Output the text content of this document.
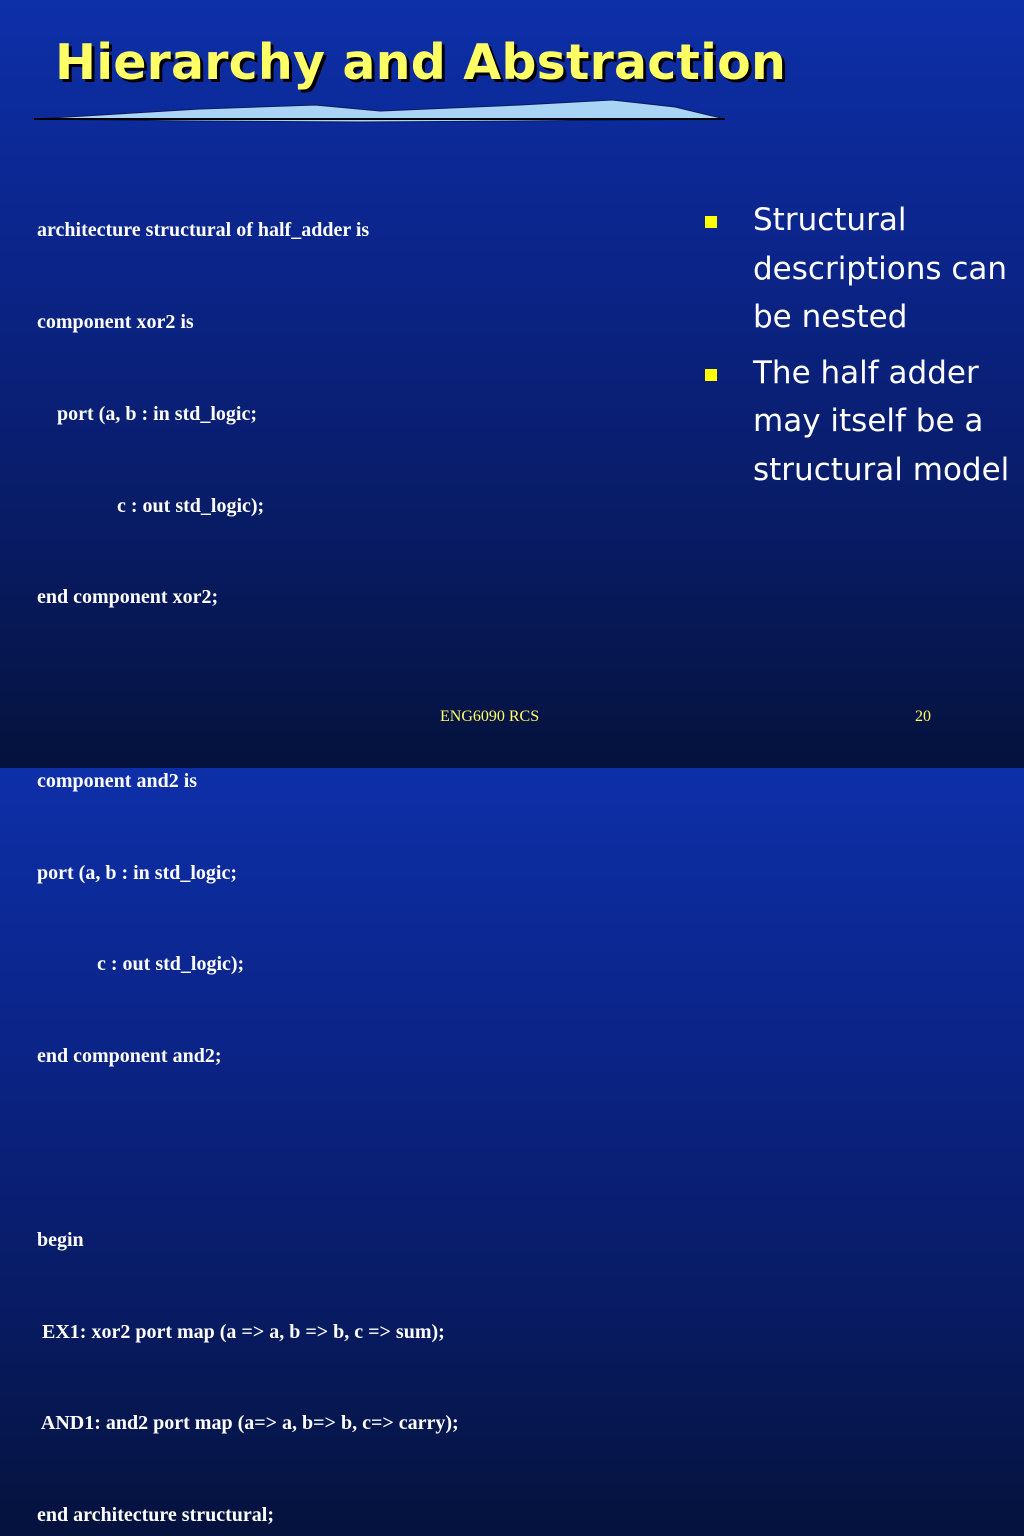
Hierarchy and Abstraction

architecture structural of half_adder is

component xor2 is

port (a, b : in std_logic;

c : out std_logic);

end component xor2;

component and2 is

port (a, b : in std_logic;

c : out std_logic);

end component and2;

begin

EX1: xor2 port map (a => a, b => b, c => sum);

AND1: and2 port map (a=> a, b=> b, c=> carry);

end architecture structural;

Structural descriptions can be nested
The half adder may itself be a structural model
ENG6090 RCS	20
